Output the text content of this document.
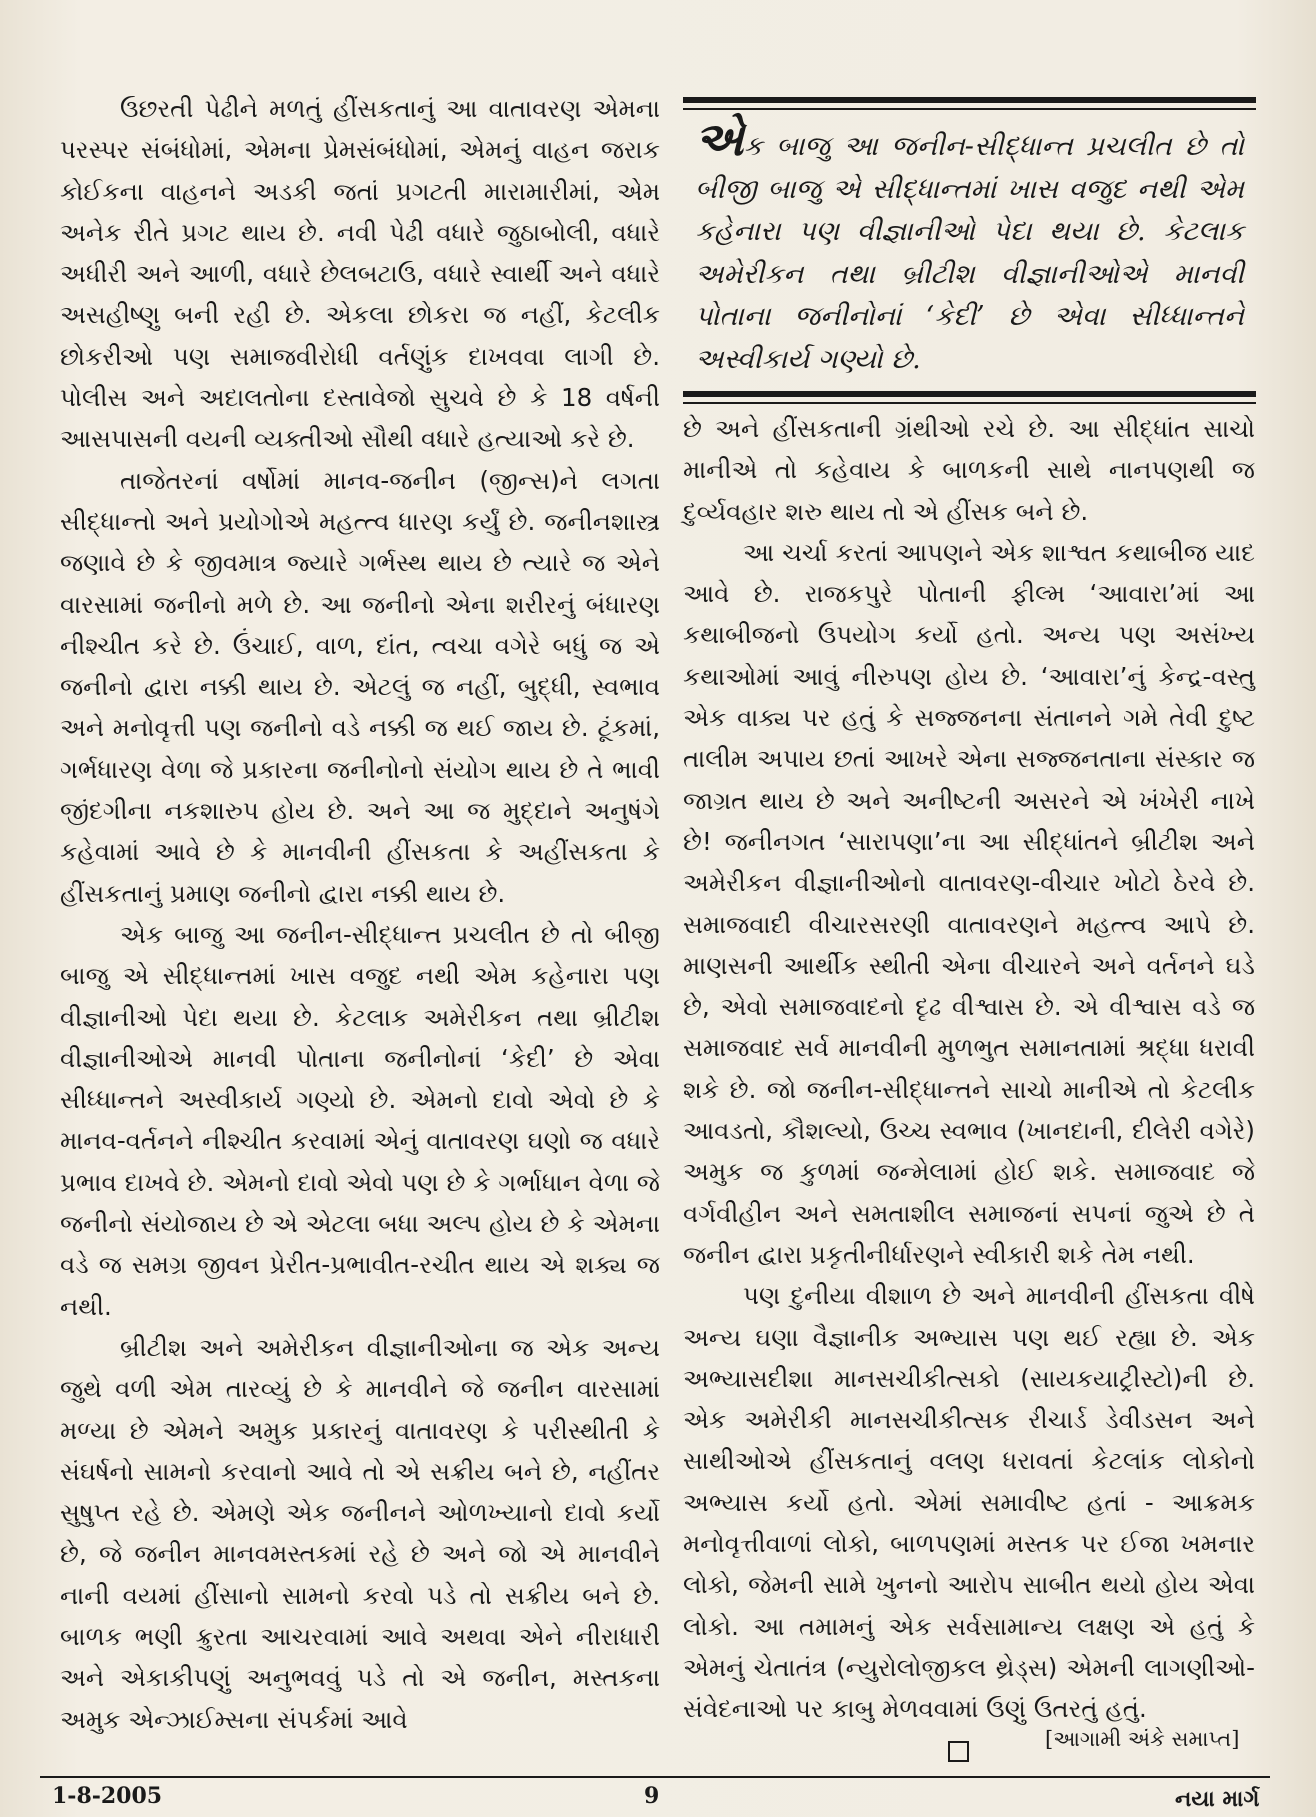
ઉછરતી પેઢીને મળતું હીંસકતાનું આ વાતાવરણ એમના પરસ્પર સંબંધોમાં, એમના પ્રેમસંબંધોમાં, એમનું વાહન જરાક કોઈકના વાહનને અડકી જતાં પ્રગટતી મારામારીમાં, એમ અનેક રીતે પ્રગટ થાય છે. નવી પેઢી વધારે જુઠાબોલી, વધારે અધીરી અને આળી, વધારે છેલબટાઉ, વધારે સ્વાર્થી અને વધારે અસહીષ્ણુ બની રહી છે. એકલા છોકરા જ નહીં, કેટલીક છોકરીઓ પણ સમાજવીરોધી વર્તણુંક દાખવવા લાગી છે. પોલીસ અને અદાલતોના દસ્તાવેજો સુચવે છે કે 18 વર્ષની આસપાસની વયની વ્યક્તીઓ સૌથી વધારે હત્યાઓ કરે છે.

તાજેતરનાં વર્ષોમાં માનવ-જનીન (જીન્સ)ને લગતા સીદ્ધાન્તો અને પ્રયોગોએ મહત્ત્વ ધારણ કર્યું છે. જનીનશાસ્ત્ર જણાવે છે કે જીવમાત્ર જ્યારે ગર્ભસ્થ થાય છે ત્યારે જ એને વારસામાં જનીનો મળે છે. આ જનીનો એના શરીરનું બંધારણ નીશ્ચીત કરે છે. ઉંચાઈ, વાળ, દાંત, ત્વચા વગેરે બધું જ એ જનીનો દ્વારા નક્કી થાય છે. એટલું જ નહીં, બુદ્ધી, સ્વભાવ અને મનોવૃત્તી પણ જનીનો વડે નક્કી જ થઈ જાય છે. ટૂંકમાં, ગર્ભધારણ વેળા જે પ્રકારના જનીનોનો સંયોગ થાય છે તે ભાવી જીંદગીના નકશારુપ હોય છે. અને આ જ મુદ્દાને અનુષંગે કહેવામાં આવે છે કે માનવીની હીંસકતા કે અહીંસકતા કે હીંસકતાનું પ્રમાણ જનીનો દ્વારા નક્કી થાય છે.

એક બાજુ આ જનીન-સીદ્ધાન્ત પ્રચલીત છે તો બીજી બાજુ એ સીદ્ધાન્તમાં ખાસ વજુદ નથી એમ કહેનારા પણ વીજ્ઞાનીઓ પેદા થયા છે. કેટલાક અમેરીકન તથા બ્રીટીશ વીજ્ઞાનીઓએ માનવી પોતાના જનીનોનાં ‘કેદી’ છે એવા સીધ્ધાન્તને અસ્વીકાર્ય ગણ્યો છે. એમનો દાવો એવો છે કે માનવ-વર્તનને નીશ્ચીત કરવામાં એનું વાતાવરણ ઘણો જ વધારે પ્રભાવ દાખવે છે. એમનો દાવો એવો પણ છે કે ગર્ભાધાન વેળા જે જનીનો સંયોજાય છે એ એટલા બધા અલ્પ હોય છે કે એમના વડે જ સમગ્ર જીવન પ્રેરીત-પ્રભાવીત-રચીત થાય એ શક્ય જ નથી.

બ્રીટીશ અને અમેરીકન વીજ્ઞાનીઓના જ એક અન્ય જુથે વળી એમ તારવ્યું છે કે માનવીને જે જનીન વારસામાં મળ્યા છે એમને અમુક પ્રકારનું વાતાવરણ કે પરીસ્થીતી કે સંઘર્ષનો સામનો કરવાનો આવે તો એ સક્રીય બને છે, નહીંતર સુષુપ્ત રહે છે. એમણે એક જનીનને ઓળખ્યાનો દાવો કર્યો છે, જે જનીન માનવમસ્તકમાં રહે છે અને જો એ માનવીને નાની વયમાં હીંસાનો સામનો કરવો પડે તો સક્રીય બને છે. બાળક ભણી ક્રુરતા આચરવામાં આવે અથવા એને નીરાધારી અને એકાકીપણું અનુભવવું પડે તો એ જનીન, મસ્તકના અમુક એન્ઝાઈમ્સના સંપર્કમાં આવે

એક બાજુ આ જનીન-સીદ્ધાન્ત પ્રચલીત છે તો બીજી બાજુ એ સીદ્ધાન્તમાં ખાસ વજુદ નથી એમ કહેનારા પણ વીજ્ઞાનીઓ પેદા થયા છે. કેટલાક અમેરીકન તથા બ્રીટીશ વીજ્ઞાનીઓએ માનવી પોતાના જનીનોનાં ‘કેદી’ છે એવા સીધ્ધાન્તને અસ્વીકાર્ય ગણ્યો છે.

છે અને હીંસકતાની ગ્રંથીઓ રચે છે. આ સીદ્ધાંત સાચો માનીએ તો કહેવાય કે બાળકની સાથે નાનપણથી જ દુર્વ્યવહાર શરુ થાય તો એ હીંસક બને છે.

આ ચર્ચા કરતાં આપણને એક શાશ્વત કથાબીજ યાદ આવે છે. રાજકપુરે પોતાની ફીલ્મ ‘આવારા’માં આ કથાબીજનો ઉપયોગ કર્યો હતો. અન્ય પણ અસંખ્ય કથાઓમાં આવું નીરુપણ હોય છે. ‘આવારા’નું કેન્દ્ર-વસ્તુ એક વાક્ય પર હતું કે સજ્જનના સંતાનને ગમે તેવી દુષ્ટ તાલીમ અપાય છતાં આખરે એના સજ્જનતાના સંસ્કાર જ જાગ્રત થાય છે અને અનીષ્ટની અસરને એ ખંખેરી નાખે છે! જનીનગત ‘સારાપણા’ના આ સીદ્ધાંતને બ્રીટીશ અને અમેરીકન વીજ્ઞાનીઓનો વાતાવરણ-વીચાર ખોટો ઠેરવે છે. સમાજવાદી વીચારસરણી વાતાવરણને મહત્ત્વ આપે છે. માણસની આર્થીક સ્થીતી એના વીચારને અને વર્તનને ઘડે છે, એવો સમાજવાદનો દૃઢ વીશ્વાસ છે. એ વીશ્વાસ વડે જ સમાજવાદ સર્વ માનવીની મુળભુત સમાનતામાં શ્રદ્ધા ધરાવી શકે છે. જો જનીન-સીદ્ધાન્તને સાચો માનીએ તો કેટલીક આવડતો, કૌશલ્યો, ઉચ્ચ સ્વભાવ (ખાનદાની, દીલેરી વગેરે) અમુક જ કુળમાં જન્મેલામાં હોઈ શકે. સમાજવાદ જે વર્ગવીહીન અને સમતાશીલ સમાજનાં સપનાં જુએ છે તે જનીન દ્વારા પ્રકૃતીનીર્ધારણને સ્વીકારી શકે તેમ નથી.

પણ દુનીયા વીશાળ છે અને માનવીની હીંસકતા વીષે અન્ય ઘણા વૈજ્ઞાનીક અભ્યાસ પણ થઈ રહ્યા છે. એક અભ્યાસદીશા માનસચીકીત્સકો (સાયકયાટ્રીસ્ટો)ની છે. એક અમેરીકી માનસચીકીત્સક રીચાર્ડ ડેવીડસન અને સાથીઓએ હીંસકતાનું વલણ ધરાવતાં કેટલાંક લોકોનો અભ્યાસ કર્યો હતો. એમાં સમાવીષ્ટ હતાં - આક્રમક મનોવૃત્તીવાળાં લોકો, બાળપણમાં મસ્તક પર ઈજા ખમનાર લોકો, જેમની સામે ખુનનો આરોપ સાબીત થયો હોય એવા લોકો. આ તમામનું એક સર્વસામાન્ય લક્ષણ એ હતું કે એમનું ચેતાતંત્ર (ન્યુરોલોજીકલ થ્રેડ્સ) એમની લાગણીઓ-સંવેદનાઓ પર કાબુ મેળવવામાં ઉણું ઉતરતું હતું.

[આગામી અંકે સમાપ્ત]
1-8-2005	9	નયા માર્ગ
